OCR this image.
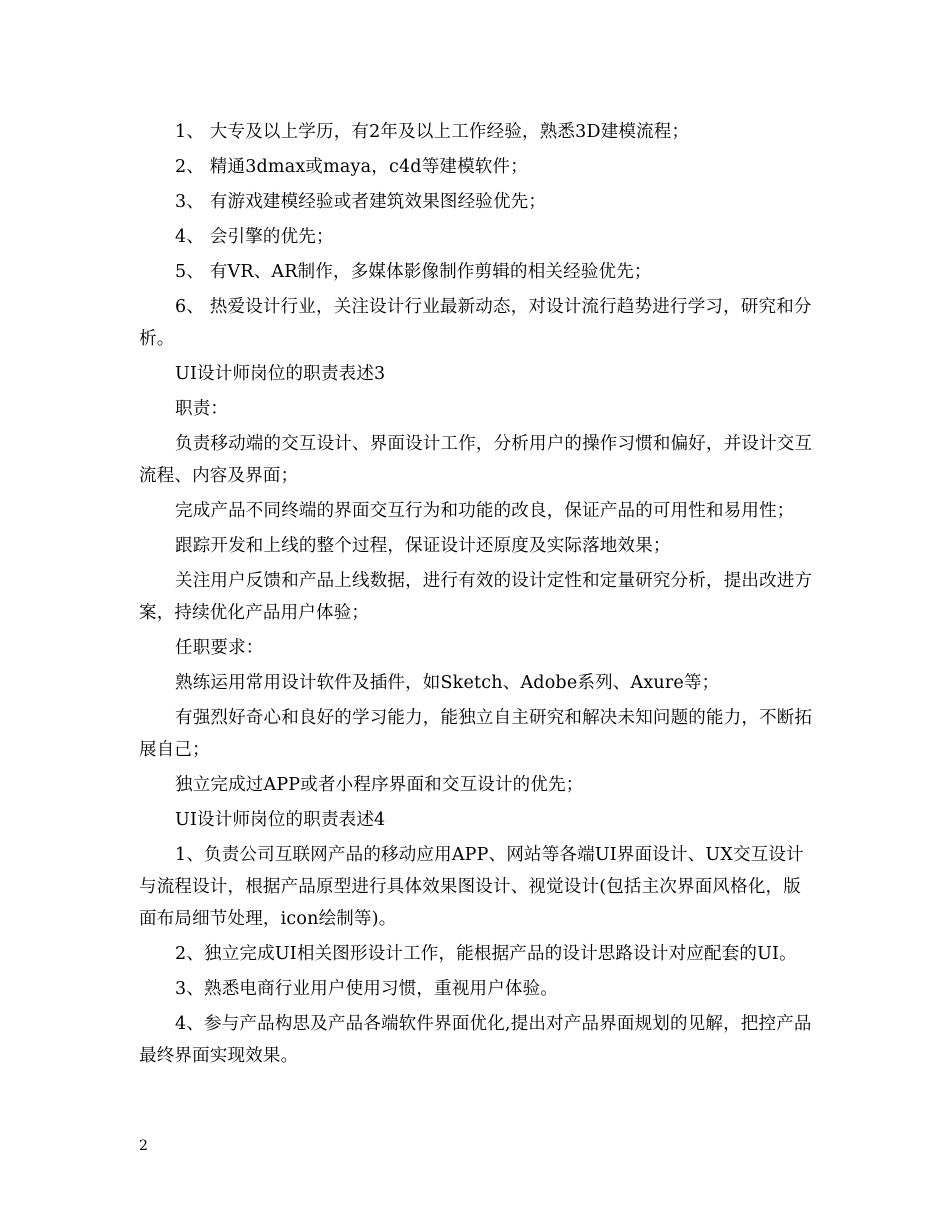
1、 大专及以上学历，有2年及以上工作经验，熟悉3D建模流程；

2、 精通3dmax或maya，c4d等建模软件；

3、 有游戏建模经验或者建筑效果图经验优先；

4、 会引擎的优先；

5、 有VR、AR制作，多媒体影像制作剪辑的相关经验优先；

6、 热爱设计行业，关注设计行业最新动态，对设计流行趋势进行学习，研究和分析。

UI设计师岗位的职责表述3

职责：

负责移动端的交互设计、界面设计工作，分析用户的操作习惯和偏好，并设计交互流程、内容及界面；

完成产品不同终端的界面交互行为和功能的改良，保证产品的可用性和易用性；

跟踪开发和上线的整个过程，保证设计还原度及实际落地效果；

关注用户反馈和产品上线数据，进行有效的设计定性和定量研究分析，提出改进方案，持续优化产品用户体验；

任职要求：

熟练运用常用设计软件及插件，如Sketch、Adobe系列、Axure等；

有强烈好奇心和良好的学习能力，能独立自主研究和解决未知问题的能力，不断拓展自己；

独立完成过APP或者小程序界面和交互设计的优先；

UI设计师岗位的职责表述4

1、负责公司互联网产品的移动应用APP、网站等各端UI界面设计、UX交互设计与流程设计，根据产品原型进行具体效果图设计、视觉设计(包括主次界面风格化，版面布局细节处理，icon绘制等)。

2、独立完成UI相关图形设计工作，能根据产品的设计思路设计对应配套的UI。

3、熟悉电商行业用户使用习惯，重视用户体验。

4、参与产品构思及产品各端软件界面优化,提出对产品界面规划的见解，把控产品最终界面实现效果。

2
